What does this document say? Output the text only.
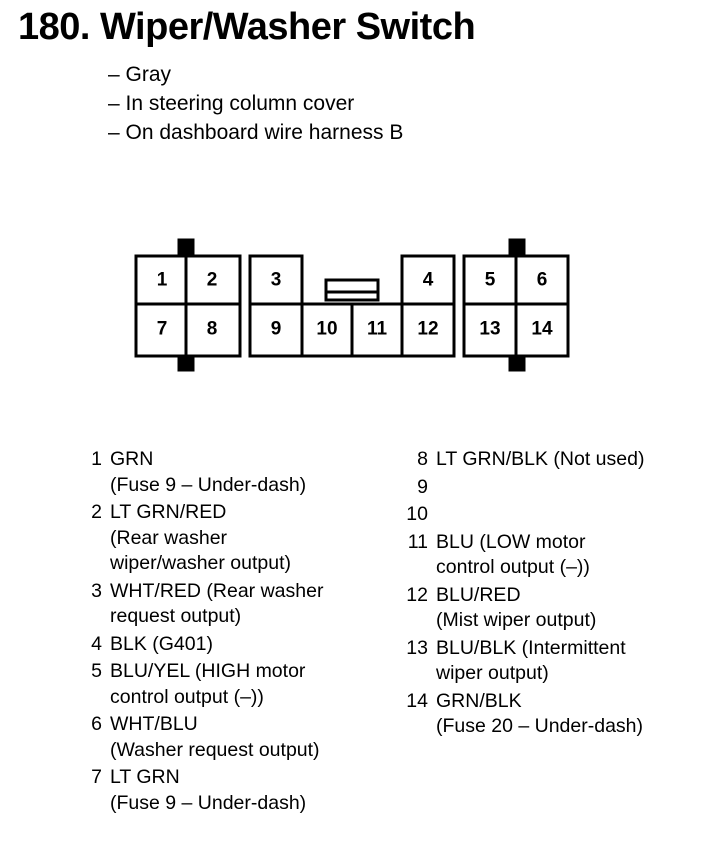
180. Wiper/Washer Switch
– Gray
– In steering column cover
– On dashboard wire harness B
1 2	3	4	5 6
7 8	9 10 11 12 13 14
1 GRN
(Fuse 9 – Under-dash)
2 LT GRN/RED
(Rear washer
wiper/washer output)
3 WHT/RED (Rear washer
request output)
4 BLK (G401)
5 BLU/YEL (HIGH motor
control output (–))
6 WHT/BLU
(Washer request output)
7 LT GRN
(Fuse 9 – Under-dash)
8 LT GRN/BLK (Not used)
9

10

11 BLU (LOW motor
control output (–))
12 BLU/RED
(Mist wiper output)
13 BLU/BLK (Intermittent
wiper output)
14 GRN/BLK
(Fuse 20 – Under-dash)
